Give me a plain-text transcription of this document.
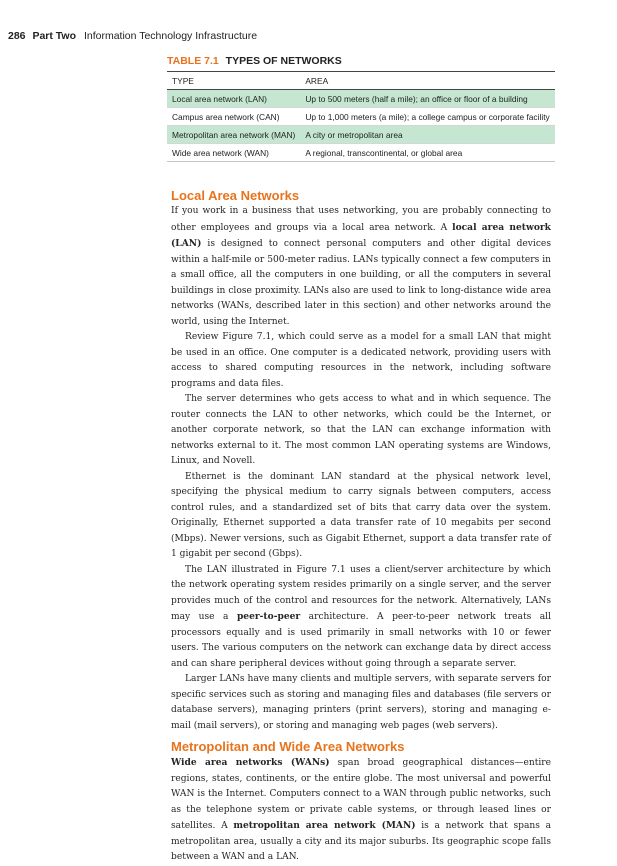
286 Part Two Information Technology Infrastructure
TABLE 7.1 TYPES OF NETWORKS
TYPE	AREA
Local area network (LAN)	Up to 500 meters (half a mile); an office or floor of a building
Campus area network (CAN)	Up to 1,000 meters (a mile); a college campus or corporate facility
Metropolitan area network (MAN)	A city or metropolitan area
Wide area network (WAN)	A regional, transcontinental, or global area
Local Area Networks

If you work in a business that uses networking, you are probably connecting to other employees and groups via a local area network. A local area network (LAN) is designed to connect personal computers and other digital devices within a half-mile or 500-meter radius. LANs typically connect a few computers in a small office, all the computers in one building, or all the computers in several buildings in close proximity. LANs also are used to link to long-distance wide area networks (WANs, described later in this section) and other networks around the world, using the Internet.

Review Figure 7.1, which could serve as a model for a small LAN that might be used in an office. One computer is a dedicated network, providing users with access to shared computing resources in the network, including software programs and data files.

The server determines who gets access to what and in which sequence. The router connects the LAN to other networks, which could be the Internet, or another corporate network, so that the LAN can exchange information with networks external to it. The most common LAN operating systems are Windows, Linux, and Novell.

Ethernet is the dominant LAN standard at the physical network level, specifying the physical medium to carry signals between computers, access control rules, and a standardized set of bits that carry data over the system. Originally, Ethernet supported a data transfer rate of 10 megabits per second (Mbps). Newer versions, such as Gigabit Ethernet, support a data transfer rate of 1 gigabit per second (Gbps).

The LAN illustrated in Figure 7.1 uses a client/server architecture by which the network operating system resides primarily on a single server, and the server provides much of the control and resources for the network. Alternatively, LANs may use a peer-to-peer architecture. A peer-to-peer network treats all processors equally and is used primarily in small networks with 10 or fewer users. The various computers on the network can exchange data by direct access and can share peripheral devices without going through a separate server.

Larger LANs have many clients and multiple servers, with separate servers for specific services such as storing and managing files and databases (file servers or database servers), managing printers (print servers), storing and managing e-mail (mail servers), or storing and managing web pages (web servers).

Metropolitan and Wide Area Networks

Wide area networks (WANs) span broad geographical distances—entire regions, states, continents, or the entire globe. The most universal and powerful WAN is the Internet. Computers connect to a WAN through public networks, such as the telephone system or private cable systems, or through leased lines or satellites. A metropolitan area network (MAN) is a network that spans a metropolitan area, usually a city and its major suburbs. Its geographic scope falls between a WAN and a LAN.
